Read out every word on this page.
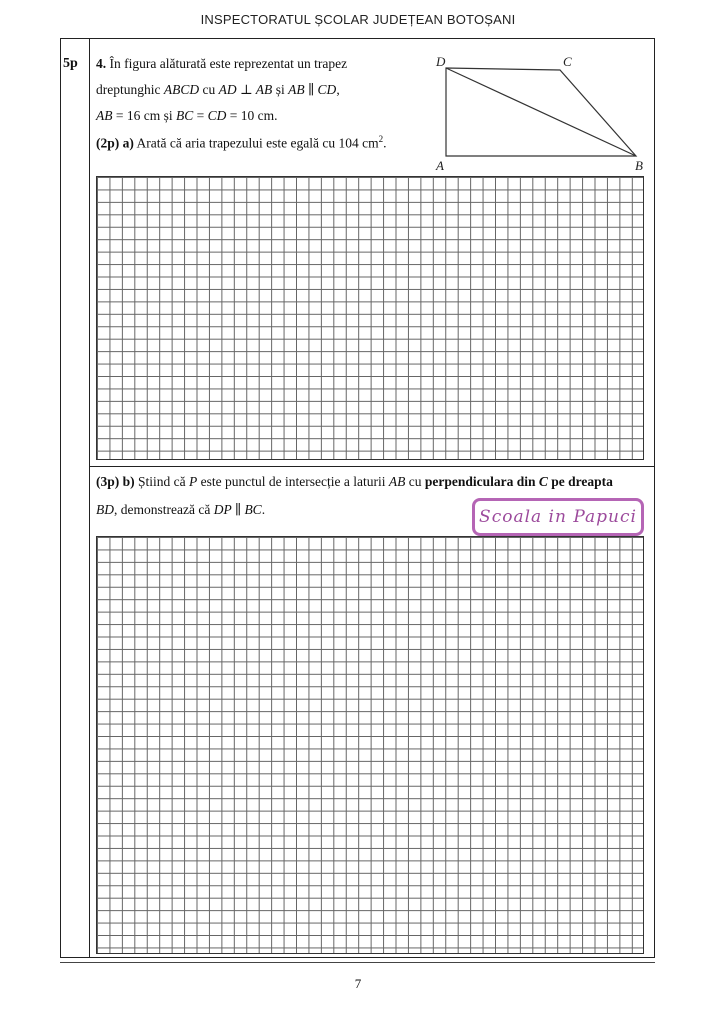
INSPECTORATUL ȘCOLAR JUDEȚEAN BOTOȘANI
5p 4. În figura alăturată este reprezentat un trapez
dreptunghic ABCD cu AD ⊥ AB și AB ∥ CD,
AB = 16 cm și BC = CD = 10 cm.
(2p) a) Arată că aria trapezului este egală cu 104 $cm^2$.
D	C
A	B
(3p) b) Știind că P este punctul de intersecție a laturii AB cu perpendiculara din C pe dreapta
BD, demonstrează că DP ∥ BC.	Scoala in Papuci
7
